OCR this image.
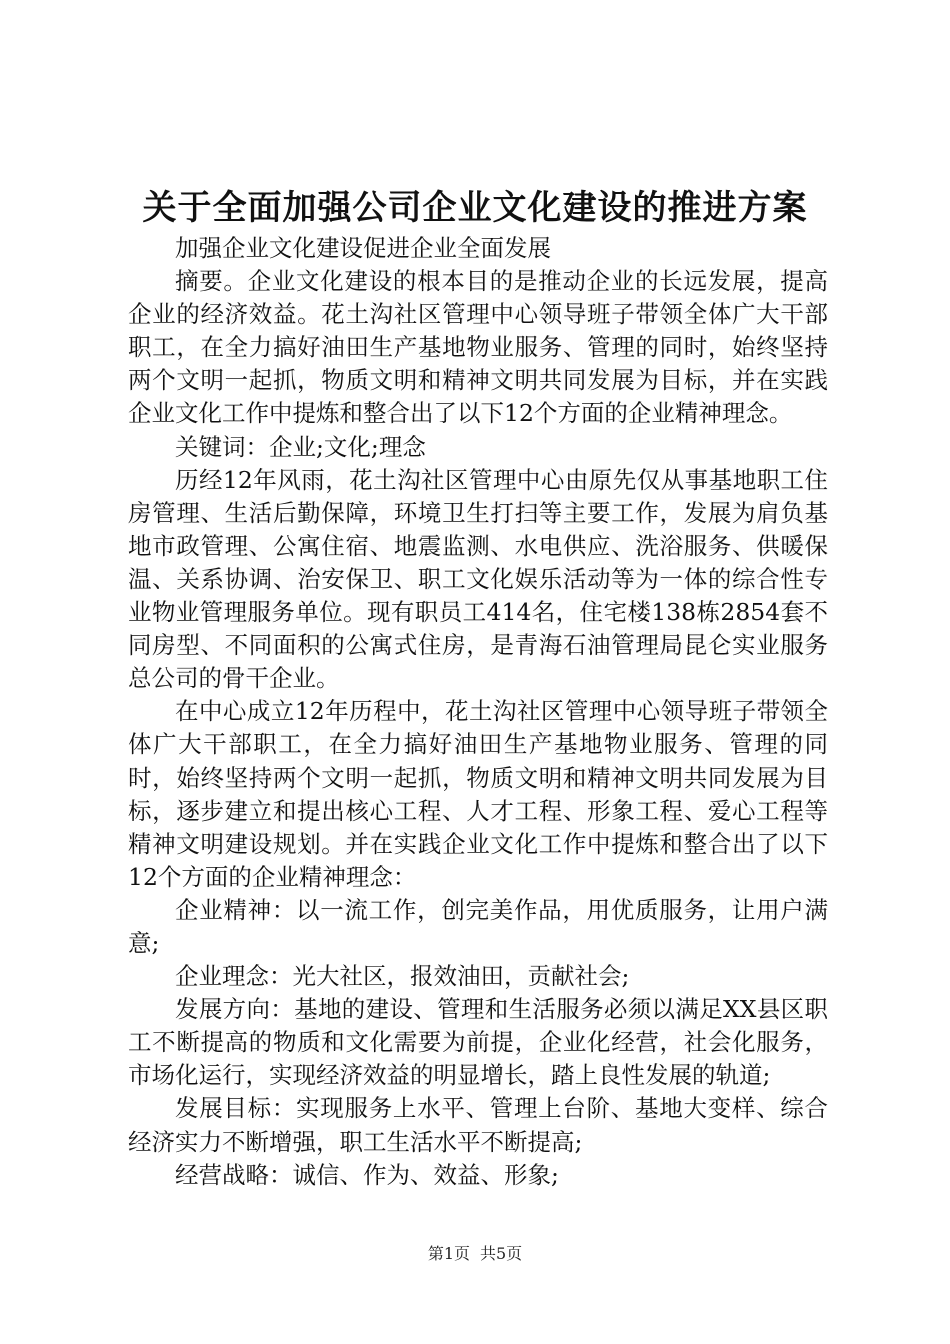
关于全面加强公司企业文化建设的推进方案

加强企业文化建设促进企业全面发展

摘要。企业文化建设的根本目的是推动企业的长远发展，提高企业的经济效益。花土沟社区管理中心领导班子带领全体广大干部职工，在全力搞好油田生产基地物业服务、管理的同时，始终坚持两个文明一起抓，物质文明和精神文明共同发展为目标，并在实践企业文化工作中提炼和整合出了以下12个方面的企业精神理念。

关键词：企业;文化;理念

历经12年风雨，花土沟社区管理中心由原先仅从事基地职工住房管理、生活后勤保障，环境卫生打扫等主要工作，发展为肩负基地市政管理、公寓住宿、地震监测、水电供应、洗浴服务、供暖保温、关系协调、治安保卫、职工文化娱乐活动等为一体的综合性专业物业管理服务单位。现有职员工414名，住宅楼138栋2854套不同房型、不同面积的公寓式住房，是青海石油管理局昆仑实业服务总公司的骨干企业。

在中心成立12年历程中，花土沟社区管理中心领导班子带领全体广大干部职工，在全力搞好油田生产基地物业服务、管理的同时，始终坚持两个文明一起抓，物质文明和精神文明共同发展为目标，逐步建立和提出核心工程、人才工程、形象工程、爱心工程等精神文明建设规划。并在实践企业文化工作中提炼和整合出了以下12个方面的企业精神理念：

企业精神：以一流工作，创完美作品，用优质服务，让用户满意;

企业理念：光大社区，报效油田，贡献社会;

发展方向：基地的建设、管理和生活服务必须以满足XX县区职工不断提高的物质和文化需要为前提，企业化经营，社会化服务，市场化运行，实现经济效益的明显增长，踏上良性发展的轨道;

发展目标：实现服务上水平、管理上台阶、基地大变样、综合经济实力不断增强，职工生活水平不断提高;

经营战略：诚信、作为、效益、形象;

第1页 共5页
